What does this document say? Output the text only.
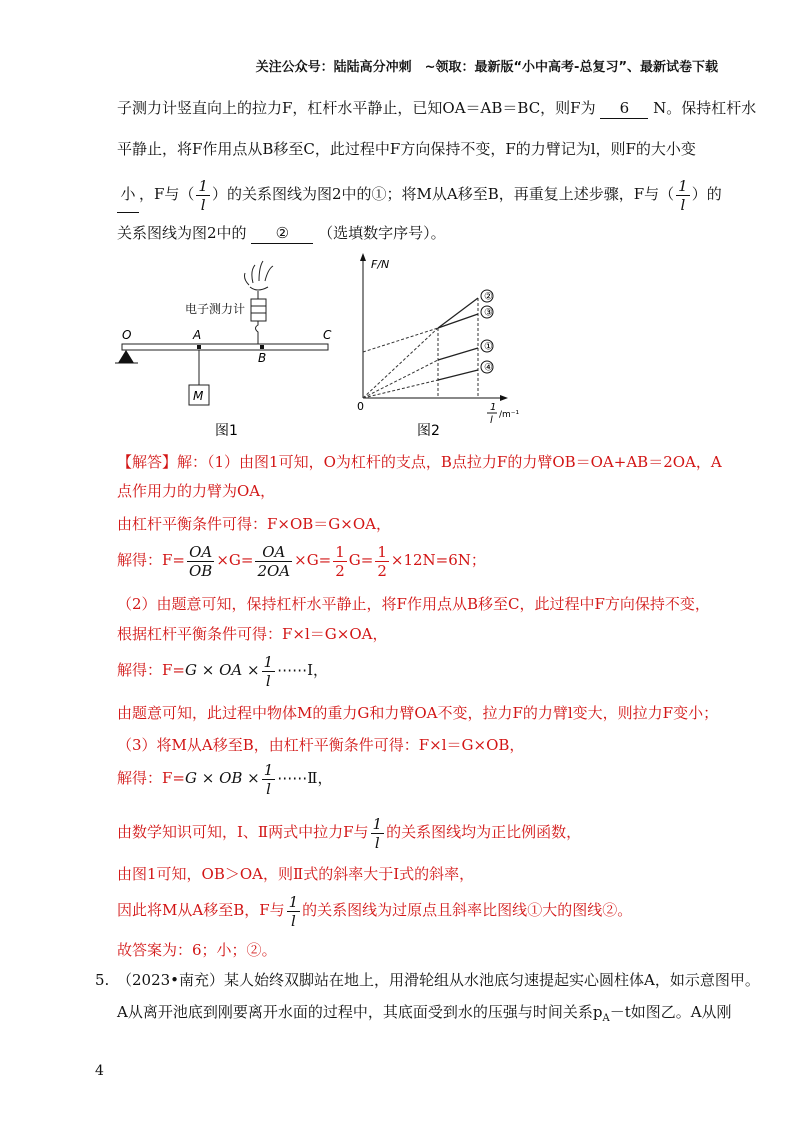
关注公众号：陆陆高分冲刺　~领取：最新版“小中高考-总复习”、最新试卷下载
子测力计竖直向上的拉力F，杠杆水平静止，已知OA＝AB＝BC，则F为 6 N。保持杠杆水
平静止，将F作用点从B移至C，此过程中F方向保持不变，F的力臂记为l，则F的大小变
小 ，F与（ $\frac{1}{l}$ ）的关系图线为图2中的①；将M从A移至B，再重复上述步骤，F与（ $\frac{1}{l}$ ）的
关系图线为图2中的 ② （选填数字序号）。
电子测力计
O	A
B
C
M
图1
F/N
0	1
l /m⁻¹
②
③
①
④
图2
【解答】解：（1）由图1可知，O为杠杆的支点，B点拉力F的力臂OB＝OA+AB＝2OA，A
点作用力的力臂为OA，
由杠杆平衡条件可得：F×OB＝G×OA，
解得：$F= \frac{OA}{OB} \times G= \frac{OA}{2OA} \times G= \frac{1}{2} G= \frac{1}{2} \times 12N=6N$；
（2）由题意可知，保持杠杆水平静止，将F作用点从B移至C，此过程中F方向保持不变，
根据杠杆平衡条件可得：F×l＝G×OA，
解得：F=G × OA × $\frac{1}{l}$ ⋯⋯Ⅰ，
由题意可知，此过程中物体M的重力G和力臂OA不变，拉力F的力臂l变大，则拉力F变小；
（3）将M从A移至B，由杠杆平衡条件可得：F×l＝G×OB，
解得：F=G × OB × $\frac{1}{l}$ ⋯⋯Ⅱ，
由数学知识可知，Ⅰ、Ⅱ两式中拉力F与 $\frac{1}{l}$ 的关系图线均为正比例函数，
由图1可知，OB＞OA，则Ⅱ式的斜率大于Ⅰ式的斜率，
因此将M从A移至B，F与 $\frac{1}{l}$ 的关系图线为过原点且斜率比图线①大的图线②。
故答案为：6；小；②。
5. （2023•南充）某人始终双脚站在地上，用滑轮组从水池底匀速提起实心圆柱体A，如示意图甲。
A从离开池底到刚要离开水面的过程中，其底面受到水的压强与时间关系$p_A-t$如图乙。A从刚
4
